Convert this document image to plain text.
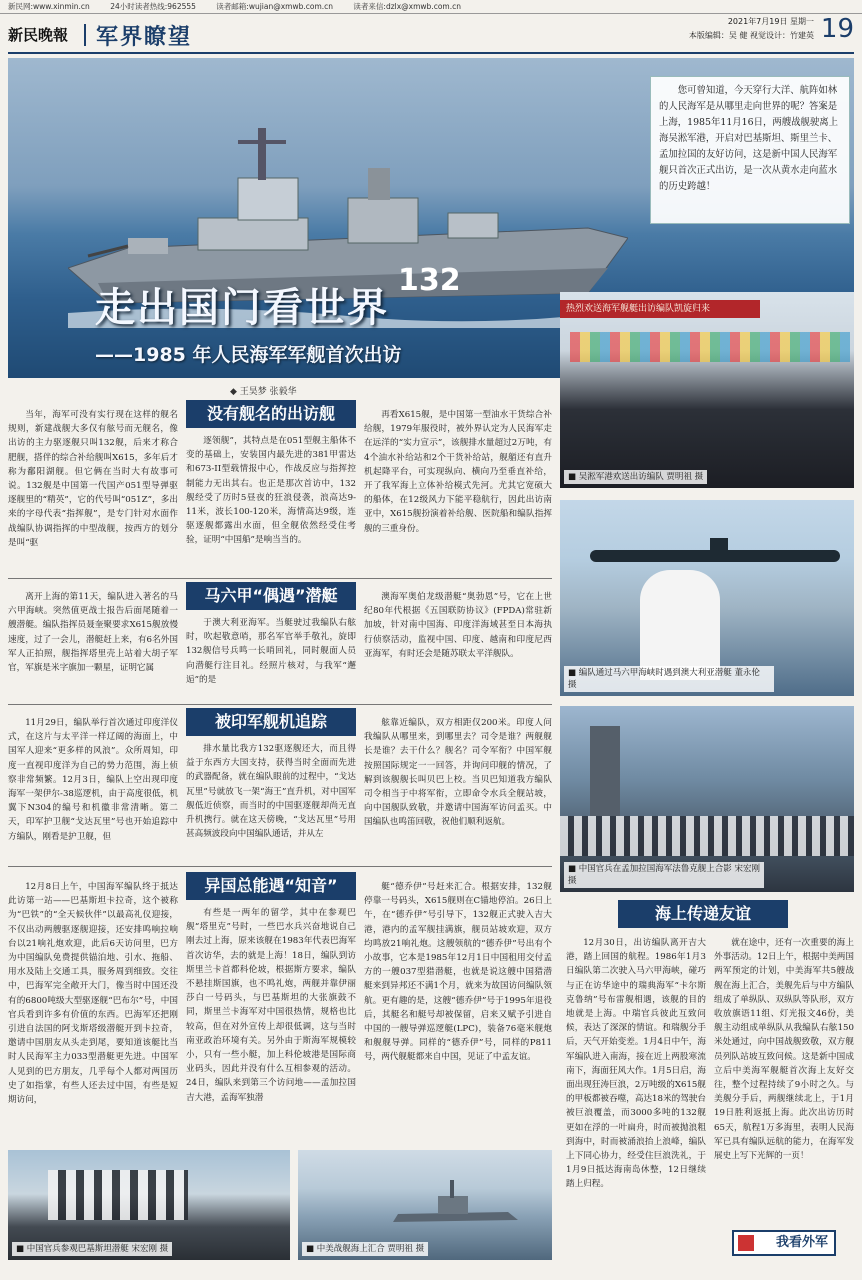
新民网:www.xinmin.cn	24小时读者热线:962555	读者邮箱:wujian@xmwb.com.cn	读者来信:dzlx@xmwb.com.cn
新民晚報 军界瞭望
2021年7月19日 星期一
本版编辑：吴 健 视觉设计：竹建英 19
132
您可曾知道，今天穿行大洋、航阵如林的人民海军是从哪里走向世界的呢？答案是上海，1985年11月16日，两艘战舰驶离上海吴淞军港，开启对巴基斯坦、斯里兰卡、孟加拉国的友好访问，这是新中国人民海军舰只首次正式出访，是一次从黄水走向蓝水的历史跨越！
走出国门看世界
——1985 年人民海军军舰首次出访
热烈欢送海军舰艇出访编队凯旋归来
■ 吴淞军港欢送出访编队 贾明祖 摄
■ 编队通过马六甲海峡时遇到澳大利亚潜艇 董永伦 摄
■ 中国官兵在孟加拉国海军法鲁克舰上合影 宋宏刚 摄
◆ 王昊梦 张毅华
没有舰名的出访舰

当年，海军可没有实行现在这样的舰名规则，新建战舰大多仅有舷号而无舰名，像出访的主力驱逐舰只叫132舰，后来才称合肥舰，搭伴的综合补给舰叫X615，多年后才称为鄱阳湖舰。但它俩在当时大有故事可说。132舰是中国第一代国产051型导弹驱逐舰里的“精英”，它的代号叫“051Z”，多出来的字母代表“指挥舰”，是专门针对水面作战编队协调指挥的中型战舰，按西方的划分是叫“驱

逐领舰”，其特点是在051型舰主船体不变的基础上，安装国内最先进的381甲雷达和673-II型载情报中心，作战反应与指挥控制能力无出其右。也正是那次首访中，132舰经受了历时5昼夜的狂浪侵袭，浪高达9-11米，波长100-120米，海情高达9级，连驱逐舰都露出水面，但全舰依然经受住考验，证明“中国船”是响当当的。

再看X615舰，是中国第一型油水干货综合补给舰，1979年服役时，被外界认定为人民海军走在远洋的“实力宣示”，该舰排水量超过2万吨，有4个油水补给站和2个干货补给站，舰艏还有直升机起降平台，可实现纵向、横向乃至垂直补给，开了我军海上立体补给模式先河。尤其它宽硕大的船体，在12级风力下能平稳航行，因此出访南亚中，X615舰扮演着补给舰、医院船和编队指挥舰的三重身份。

马六甲“偶遇”潜艇

离开上海的第11天，编队进入著名的马六甲海峡。突然值更战士报告后面尾随着一艘潜艇。编队指挥员聂奎聚要求X615舰放慢速度，过了一会儿，潜艇赶上来，有6名外国军人正拍照，舰指挥塔里壳上站着大胡子军官，军旗是米字旗加一颗星，证明它属

于澳大利亚海军。当艇驶过我编队右舷时，吹起敬意哨，那名军官举手敬礼，旋即132舰信号兵鸣一长哨回礼，同时舰面人员向潜艇行注目礼。经照片核对，与我军“邂逅”的是

澳海军奥伯龙级潜艇“奥勃恩”号，它在上世纪80年代根据《五国联防协议》(FPDA)常驻新加坡，针对南中国海、印度洋海域甚至日本海执行侦察活动，监视中国、印度、越南和印度尼西亚海军，有时还会是随苏联太平洋舰队。

被印军舰机追踪

11月29日，编队举行首次通过印度洋仪式，在这片与太平洋一样辽阔的海面上，中国军人迎来“更多样的风浪”。众所周知，印度一直视印度洋为自己的势力范围，海上侦察非常频繁。12月3日，编队上空出现印度海军一架伊尔-38巡逻机，由于高度很低，机翼下N304的编号和机徽非常清晰。第二天，印军护卫舰“戈达瓦里”号也开始追踪中方编队，刚看是护卫舰，但

排水量比我方132驱逐舰还大，而且得益于东西方大国支持，获得当时全面而先进的武器配备，就在编队眼前的过程中，“戈达瓦里”号就放飞一架“海王”直升机，对中国军舰低近侦察，而当时的中国驱逐舰却尚无直升机携行。就在这天傍晚，“戈达瓦里”号用甚高频波段向中国编队通话，并从左

舷靠近编队，双方相距仅200米。印度人问我编队从哪里来，到哪里去？司令是谁？两舰舰长是谁？去干什么？舰名？司令军衔？中国军舰按照国际规定一一回答，并询问印舰的情况，了解到该舰舰长叫贝巴上校。当贝巴知道我方编队司令相当于中将军衔，立即命令水兵全舰站坡，向中国舰队致敬，并邀请中国海军访问孟买。中国编队也鸣笛回敬，祝他们顺利返航。

异国总能遇“知音”

12月8日上午，中国海军编队终于抵达此访第一站——巴基斯坦卡拉奇，这个被称为“巴铁”的“全天候伙伴”以最高礼仪迎接，不仅出动两艘驱逐舰迎接，还安排鸣响拉响台以21响礼炮欢迎，此后6天访问里，巴方为中国编队免费提供锚泊地、引水、拖船、用水及陆上交通工具，服务周到细致。交往中，巴海军完全敞开大门，像当时中国还没有的6800吨级大型驱逐舰“巴布尔”号，中国官兵看到许多有价值的东西。巴海军还把刚引进自法国的阿戈斯塔级潜艇开到卡拉奇，邀请中国朋友从头走到尾，要知道该艇比当时人民海军主力033型潜艇更先进。中国军人见到的巴方朋友，几乎每个人都对两国历史了如指掌，有些人还去过中国，有些是短期访问，

有些是一两年的留学，其中在参观巴舰“塔里克”号时，一些巴水兵兴奋地说自己刚去过上海，原来该舰在1983年代表巴海军首次访华，去的就是上海！18日，编队到访斯里兰卡首都科伦坡，根据斯方要求，编队不悬挂斯国旗，也不鸣礼炮，两舰并靠伊丽莎白一号码头，与巴基斯坦的大张旗鼓不同，斯里兰卡海军对中国很热情，规格也比较高，但在对外宣传上却很低调，这与当时南亚政治环境有关。另外由于斯海军规模较小，只有一些小艇，加上科伦坡港是国际商业码头，因此并没有什么互相参观的活动。24日，编队来到第三个访问地——孟加拉国吉大港，孟海军独潜

艇“德乔伊”号赶来汇合。根据安排，132舰停靠一号码头，X615舰则在C锚地停泊。26日上午，在“德乔伊”号引导下，132舰正式驶入吉大港，港内的孟军舰挂满旗，舰员站坡欢迎，双方均鸣放21响礼炮。这艘领航的“德乔伊”号出有个小故事，它本是1985年12月1日中国租用交付孟方的一艘037型猎潜艇，也就是说这艘中国猎潜艇来到异邦还不满1个月，就来为故国访问编队领航。更有趣的是，这艘“德乔伊”号于1995年退役后，其艇名和艇号却被保留，启来又赋予引进自中国的一艘导弹巡逻艇(LPC)，装备76毫米舰炮和舰舰导弹。同样的“德乔伊”号，同样的P811号，两代舰艇都来自中国，见证了中孟友谊。

海上传递友谊

12月30日，出访编队离开吉大港，踏上回国的航程。1986年1月3日编队第二次驶入马六甲海峡，碰巧与正在访华途中的瑞典海军“卡尔斯克鲁纳”号布雷舰相遇，该舰的目的地就是上海。中瑞官兵彼此互致问候，表达了深深的情谊。和瑞舰分手后，天气开始变差。1月4日中午，海军编队进入南海，接在近上两股寒流南下，海面狂风大作。1月5日启，海面出现狂涛巨浪，2万吨级的X615舰的甲板都被吞噬，高达18米的驾驶台被巨浪覆盖，而3000多吨的132舰更如在浮的一叶扁舟，时而被抛浪粗到海中，时而被涌浪抬上浪峰，编队上下同心协力，经受住巨浪洗礼，于1月9日抵达海南岛休整，12日继续踏上归程。

就在途中，还有一次重要的海上外事活动。12日上午，根据中美两国两军预定的计划，中美海军共5艘战舰在海上汇合，美舰先后与中方编队组成了单纵队、双纵队等队形，双方收放旗语11组、灯光报文46份，美舰主动组成单纵队从我编队右舷150米处通过，向中国战舰致敬，双方舰员列队站坡互致问候。这是新中国成立后中美海军舰艇首次海上友好交往，整个过程持续了9小时之久。与美舰分手后，两舰继续北上，于1月19日胜利返抵上海。此次出访历时65天，航程1万多海里，表明人民海军已具有编队远航的能力，在海军发展史上写下光辉的一页！

■ 中国官兵参观巴基斯坦潜艇 宋宏刚 摄
■	中美战舰海上汇合 贾明祖 摄	我看外军
